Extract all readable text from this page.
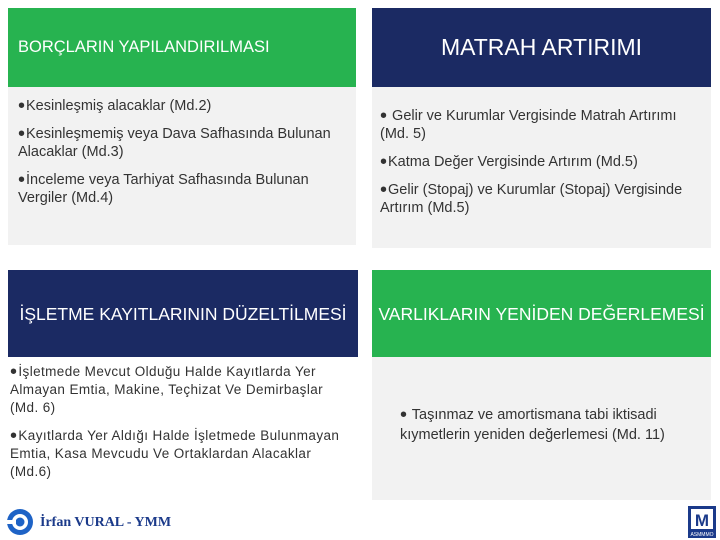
BORÇLARIN YAPILANDIRILMASI
•Kesinleşmiş alacaklar (Md.2)
•Kesinleşmemiş veya Dava Safhasında Bulunan Alacaklar (Md.3)
•İnceleme veya Tarhiyat Safhasında Bulunan Vergiler (Md.4)
MATRAH ARTIRIMI
• Gelir ve Kurumlar Vergisinde Matrah Artırımı (Md. 5)
•Katma Değer Vergisinde Artırım (Md.5)
•Gelir (Stopaj) ve Kurumlar (Stopaj) Vergisinde Artırım (Md.5)
İŞLETME KAYITLARININ DÜZELTİLMESİ
•İşletmede Mevcut Olduğu Halde Kayıtlarda Yer Almayan Emtia, Makine, Teçhizat Ve Demirbaşlar        (Md. 6)
•Kayıtlarda Yer Aldığı Halde İşletmede Bulunmayan Emtia, Kasa Mevcudu Ve Ortaklardan Alacaklar (Md.6)
VARLIKLARIN YENİDEN DEĞERLEMESİ
• Taşınmaz ve amortismana tabi iktisadi kıymetlerin yeniden değerlemesi (Md. 11)
İrfan VURAL - YMM	M
ASMMMO
